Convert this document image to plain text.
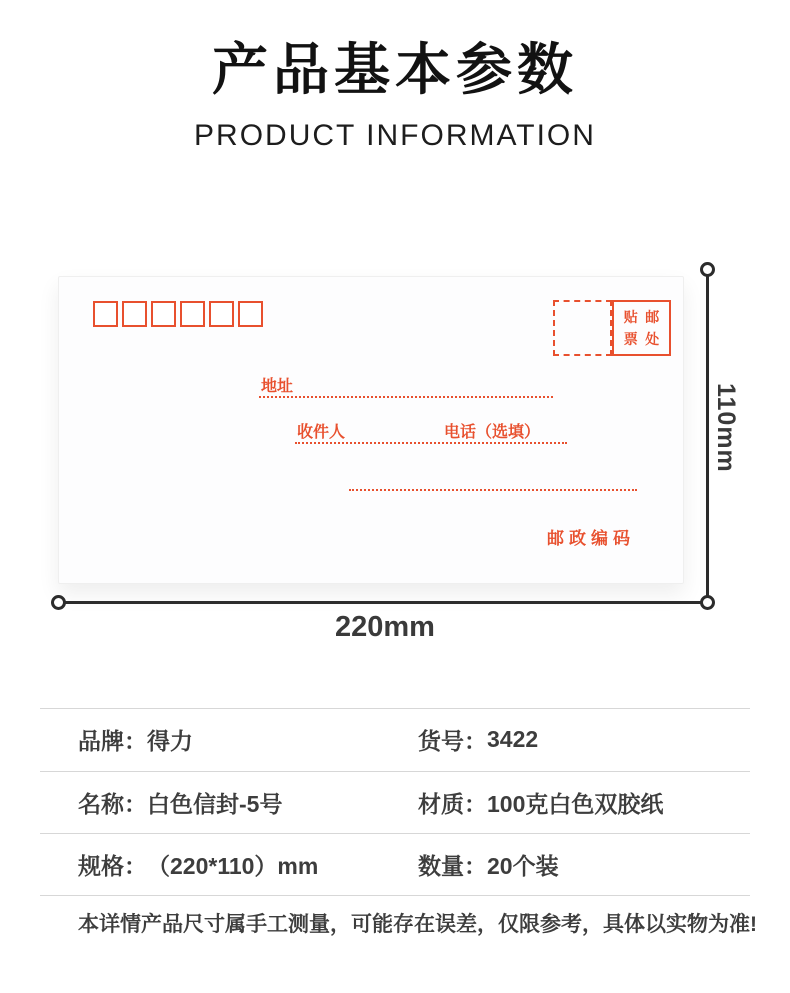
产品基本参数
PRODUCT INFORMATION
贴 邮
票 处
地址
收件人	电话（选填）
邮政编码
220mm
110mm
品牌： 得力	货号： 3422
名称： 白色信封-5号	材质： 100克白色双胶纸
规格： （220*110）mm	数量： 20个装
本详情产品尺寸属手工测量，可能存在误差，仅限参考，具体以实物为准!
